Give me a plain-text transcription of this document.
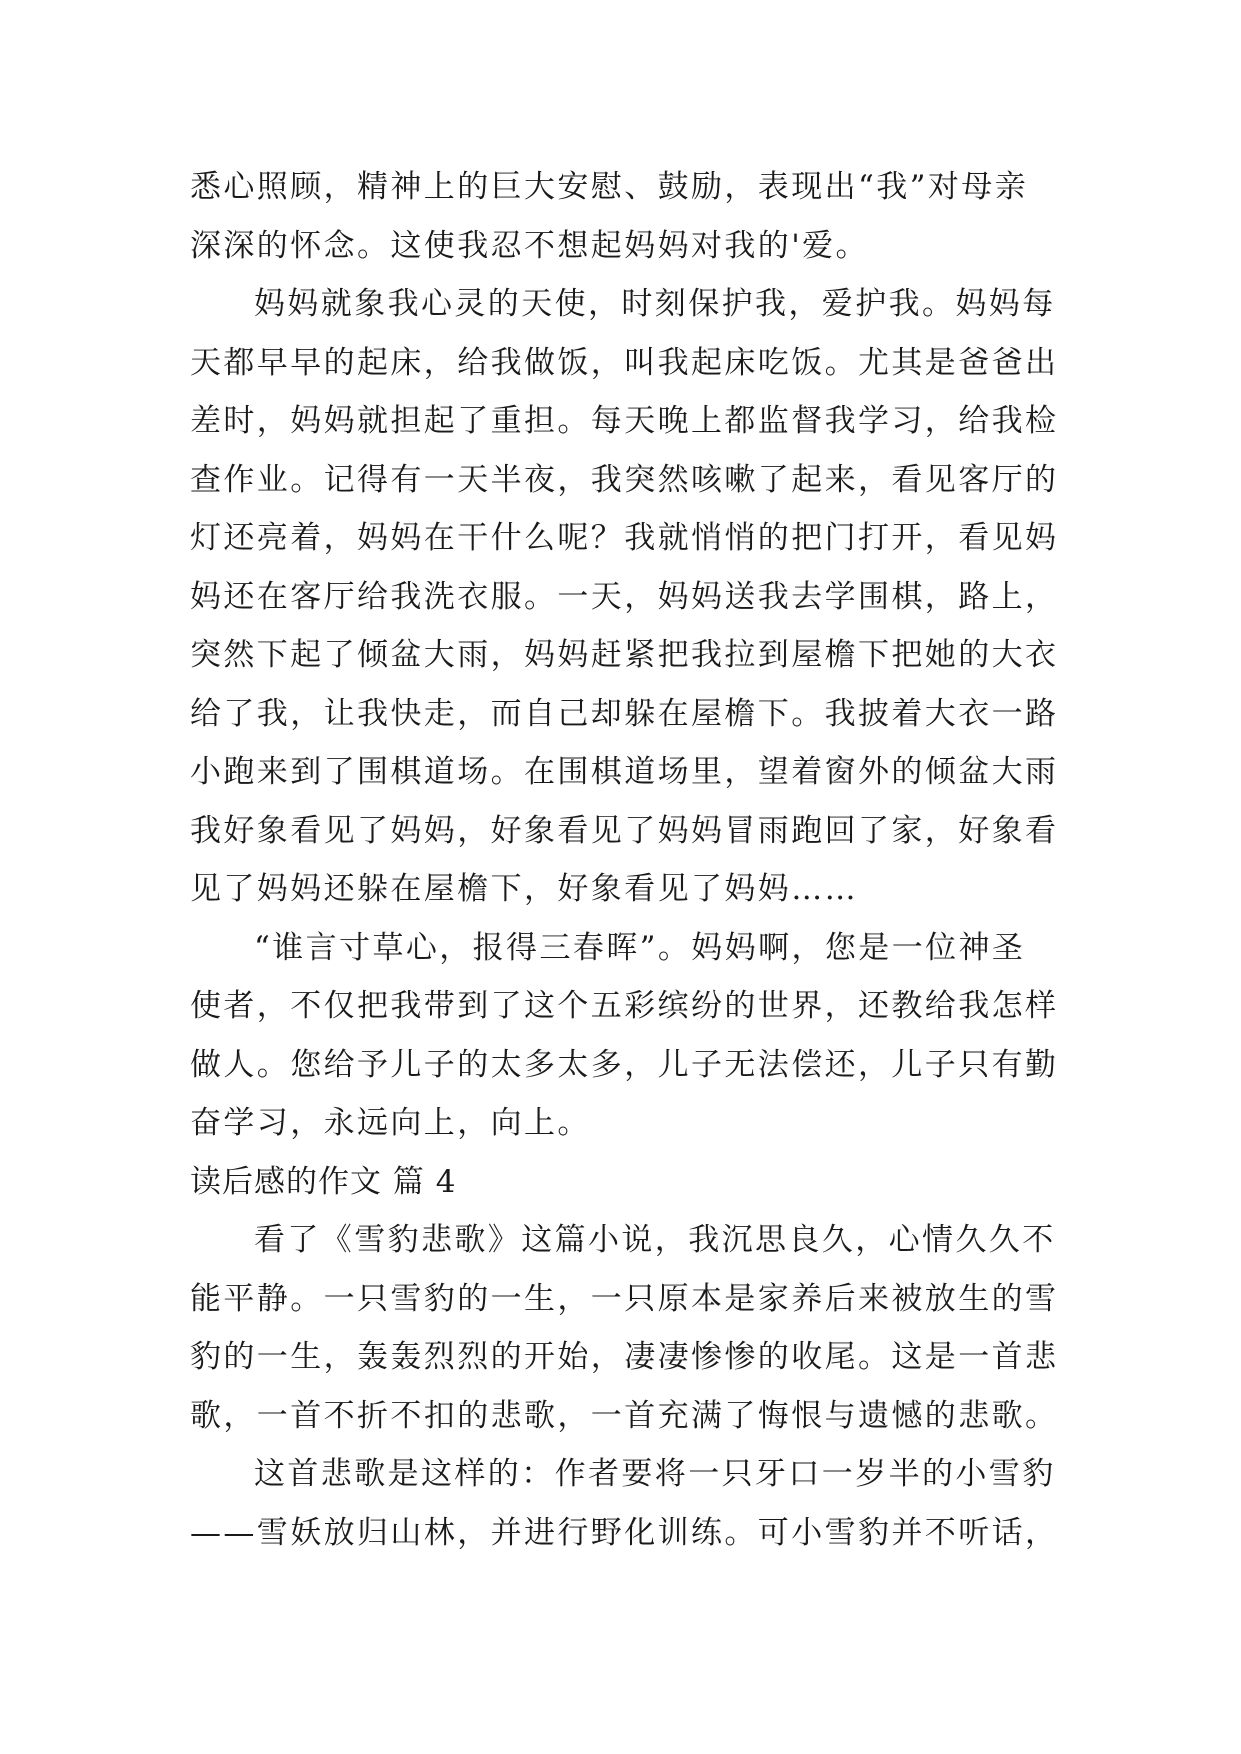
悉心照顾，精神上的巨大安慰、鼓励，表现出“我”对母亲
深深的怀念。这使我忍不想起妈妈对我的'爱。
妈妈就象我心灵的天使，时刻保护我，爱护我。妈妈每
天都早早的起床，给我做饭，叫我起床吃饭。尤其是爸爸出
差时，妈妈就担起了重担。每天晚上都监督我学习，给我检
查作业。记得有一天半夜，我突然咳嗽了起来，看见客厅的
灯还亮着，妈妈在干什么呢？我就悄悄的把门打开，看见妈
妈还在客厅给我洗衣服。一天，妈妈送我去学围棋，路上，
突然下起了倾盆大雨，妈妈赶紧把我拉到屋檐下把她的大衣
给了我，让我快走，而自己却躲在屋檐下。我披着大衣一路
小跑来到了围棋道场。在围棋道场里，望着窗外的倾盆大雨
我好象看见了妈妈，好象看见了妈妈冒雨跑回了家，好象看
见了妈妈还躲在屋檐下，好象看见了妈妈……
“谁言寸草心，报得三春晖”。妈妈啊，您是一位神圣
使者，不仅把我带到了这个五彩缤纷的世界，还教给我怎样
做人。您给予儿子的太多太多，儿子无法偿还，儿子只有勤
奋学习，永远向上，向上。
读后感的作文 篇 4
看了《雪豹悲歌》这篇小说，我沉思良久，心情久久不
能平静。一只雪豹的一生，一只原本是家养后来被放生的雪
豹的一生，轰轰烈烈的开始，凄凄惨惨的收尾。这是一首悲
歌，一首不折不扣的悲歌，一首充满了悔恨与遗憾的悲歌。
这首悲歌是这样的：作者要将一只牙口一岁半的小雪豹
——雪妖放归山林，并进行野化训练。可小雪豹并不听话，
